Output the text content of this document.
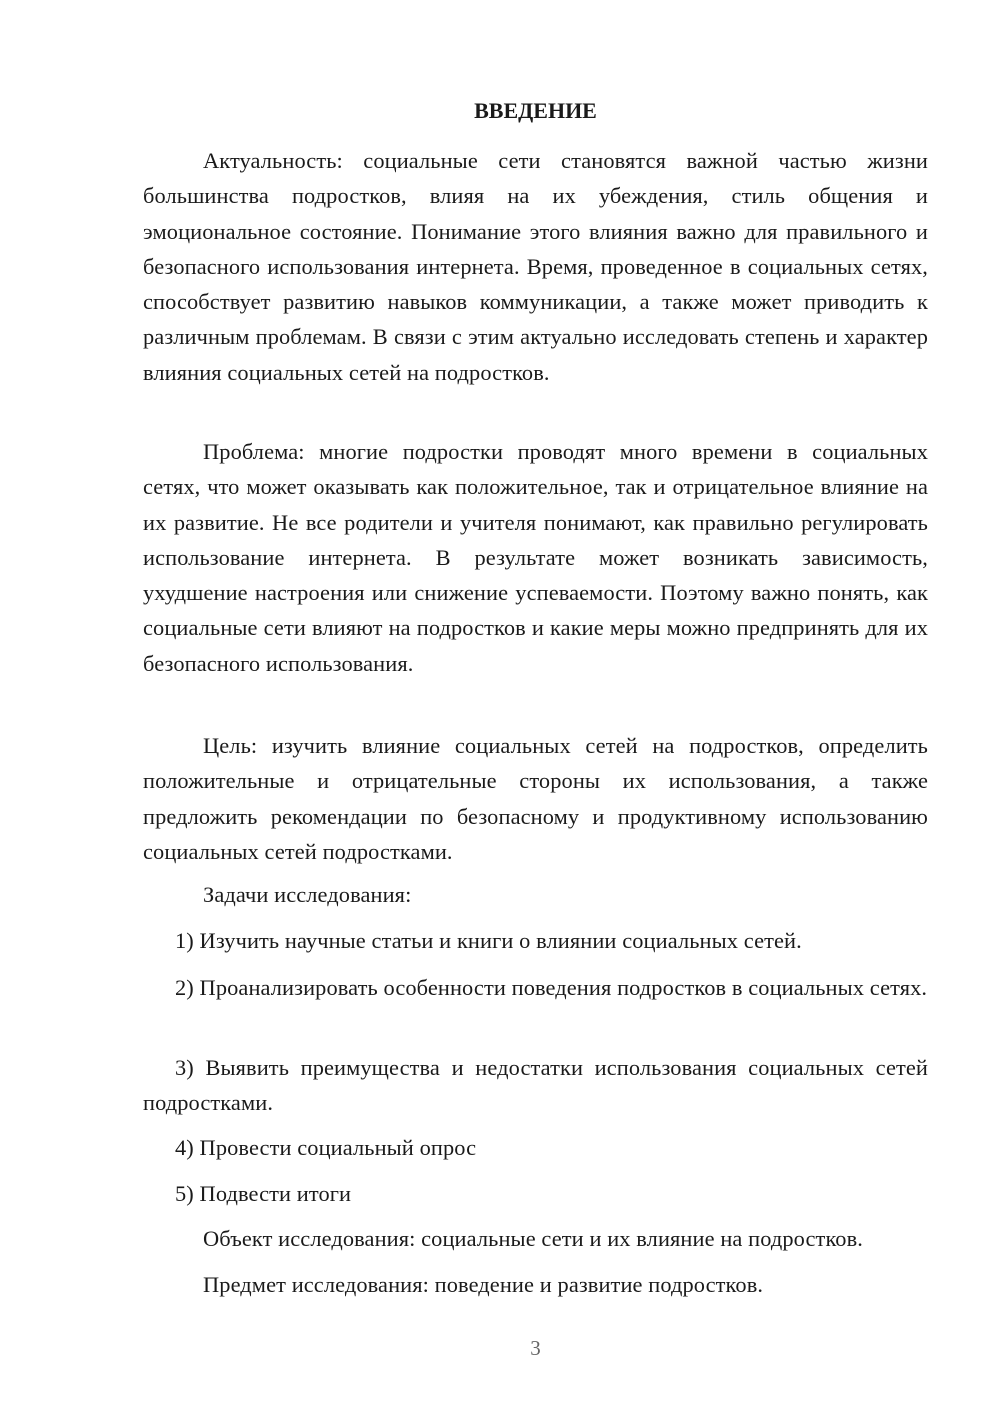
ВВЕДЕНИЕ

Актуальность: социальные сети становятся важной частью жизни большинства подростков, влияя на их убеждения, стиль общения и эмоциональное состояние. Понимание этого влияния важно для правильного и безопасного использования интернета. Время, проведенное в социальных сетях, способствует развитию навыков коммуникации, а также может приводить к различным проблемам. В связи с этим актуально исследовать степень и характер влияния социальных сетей на подростков.

Проблема: многие подростки проводят много времени в социальных сетях, что может оказывать как положительное, так и отрицательное влияние на их развитие. Не все родители и учителя понимают, как правильно регулировать использование интернета. В результате может возникать зависимость, ухудшение настроения или снижение успеваемости. Поэтому важно понять, как социальные сети влияют на подростков и какие меры можно предпринять для их безопасного использования.

Цель: изучить влияние социальных сетей на подростков, определить положительные и отрицательные стороны их использования, а также предложить рекомендации по безопасному и продуктивному использованию социальных сетей подростками.

Задачи исследования:

1) Изучить научные статьи и книги о влиянии социальных сетей.

2) Проанализировать особенности поведения подростков в социальных сетях.

3) Выявить преимущества и недостатки использования социальных сетей подростками.

4) Провести социальный опрос

5) Подвести итоги

Объект исследования: социальные сети и их влияние на подростков.

Предмет исследования: поведение и развитие подростков.

3
